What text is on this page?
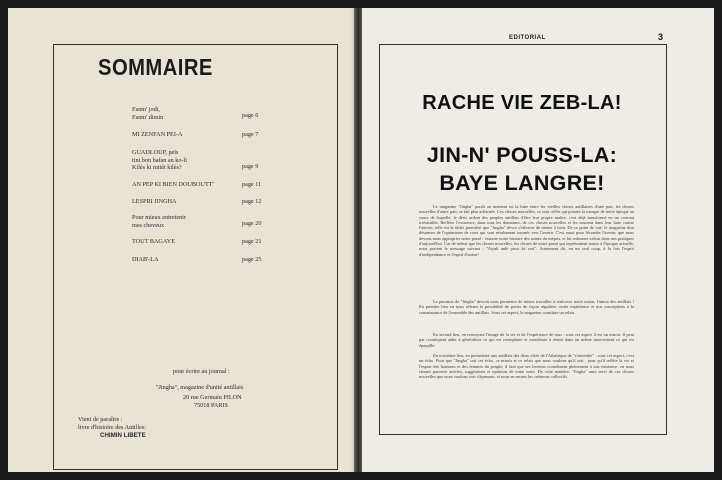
SOMMAIRE
Fanm' jodi,
Fanm' dimin	page 6
MI ZENFAN PEI-A	page 7
GUADLOUP, peïs
tini bon bafan an ko-li
Kilès ki mitèt kilès?	page 9
AN PEP KI BIEN DOUBOUTT'	page 11
LESPRI JINGHA	page 12
Pour mieux entretenir
mes cheveux	page 20
TOUT BAGAYE	page 21
DIAB'-LA	page 25
pour écrire au journal :
"Jingha", magazine d'unité antillais
20 rue Germain PILON
75018 PARIS
Vient de paraître :
livre d'histoire des Antilles:
CHIMIN LIBETE
EDITORIAL	3
RACHE VIE ZEB-LA!
JIN-N' POUSS-LA:
BAYE LANGRE!

Le magazine "Jingha" paraît au moment où la lutte entre les vieilles choses antillaises d'une part, les choses nouvelles d'autre part, se fait plus acharnée. Ces choses nouvelles, ce sont celles qui portent la marque de notre époque au cours de laquelle, le désir ardent des peuples antillais d'être leur propre maître, s'est déjà transformé en un courant irrésistible. Refléter l'existence, dans tous les domaines, de ces choses nouvelles et les soutenir dans leur lutte contre l'ancien, telle est la tâche première que "Jingha" devra s'efforcer de mener à bien. De ce point de vue, le magazine doit désarmer de l'optimisme de ceux qui sont résolument tournés vers l'avenir. C'est aussi pour féconder l'avenir, que nous devons nous approprier notre passé : extraire notre histoire des ruines du mépris, et lui redonner valeur dans nos pratiques d'aujourd'hui. Car de même que les choses nouvelles, les choses de notre passé qui représentent toutes à l'époque actuelle, nous portent le message suivant : "Aiyak anlè piwa ké rest". Autrement dit, en un seul coup, à la fois l'esprit d'indépendance et l'esprit d'union!

La parution de "Jingha" devrait nous permettre de mieux travailler à renforcer notre union, l'union des antillais ! En premier lieu en nous offrant la possibilité de porter de façon régulière, notre expérience et nos conceptions à la connaissance de l'ensemble des antillais. Sous cet aspect, le magazine constitue un relais.

En second lieu, en renvoyant l'image de la vie et de l'expérience de tous : sous cet aspect il est un miroir. Il peut par conséquent aider à généraliser ce qui est exemplaire et contribuer à réunir dans un même mouvement ce qui est éparpillé.

En troisième lieu, en permettant aux antillais des deux côtés de l'Atlantique de "s'entendre" : sous cet aspect, c'est un écho. Pour que "Jingha" soit cet écho, ce miroir et ce relais que nous voulons qu'il soit : pour qu'il reflète la vie et l'espoir des hommes et des femmes du peuple, il faut que ses lecteurs contribuent pleinement à son existence, en nous faisant parvenir articles, suggestions et opinions de toute sorte. De cette manière, "Jingha" aura servi de ces choses nouvelles que nous voulons voir s'épanouir, et nous en serons les créateurs collectifs.
